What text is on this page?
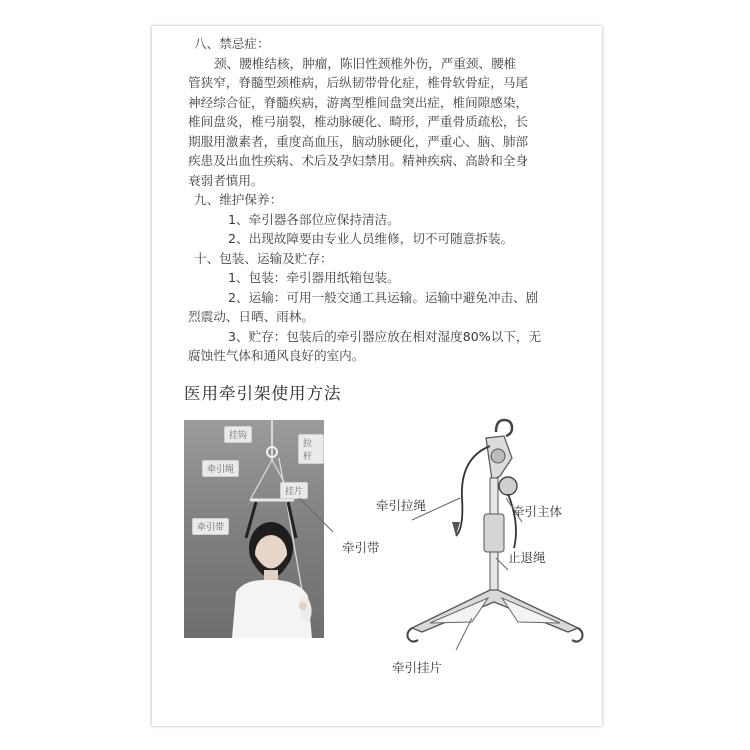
八、禁忌症：
颈、腰椎结核，肿瘤，陈旧性颈椎外伤，严重颈、腰椎
管狭窄，脊髓型颈椎病，后纵韧带骨化症，椎骨软骨症，马尾
神经综合征，脊髓疾病，游离型椎间盘突出症，椎间隙感染，
椎间盘炎，椎弓崩裂，椎动脉硬化、畸形，严重骨质疏松，长
期服用激素者，重度高血压，脑动脉硬化，严重心、脑、肺部
疾患及出血性疾病、术后及孕妇禁用。精神疾病、高龄和全身
衰弱者慎用。
九、维护保养：
1、牵引器各部位应保持清洁。
2、出现故障要由专业人员维修，切不可随意拆装。
十、包装、运输及贮存：
1、包装：牵引器用纸箱包装。
2、运输：可用一般交通工具运输。运输中避免冲击、剧
烈震动、日晒、雨林。
3、贮存：包装后的牵引器应放在相对湿度80%以下，无
腐蚀性气体和通风良好的室内。
医用牵引架使用方法
挂钩
拉杆
牵引绳
挂片
牵引带
牵引带
牵引拉绳	牵引主体
止退绳
牵引挂片
